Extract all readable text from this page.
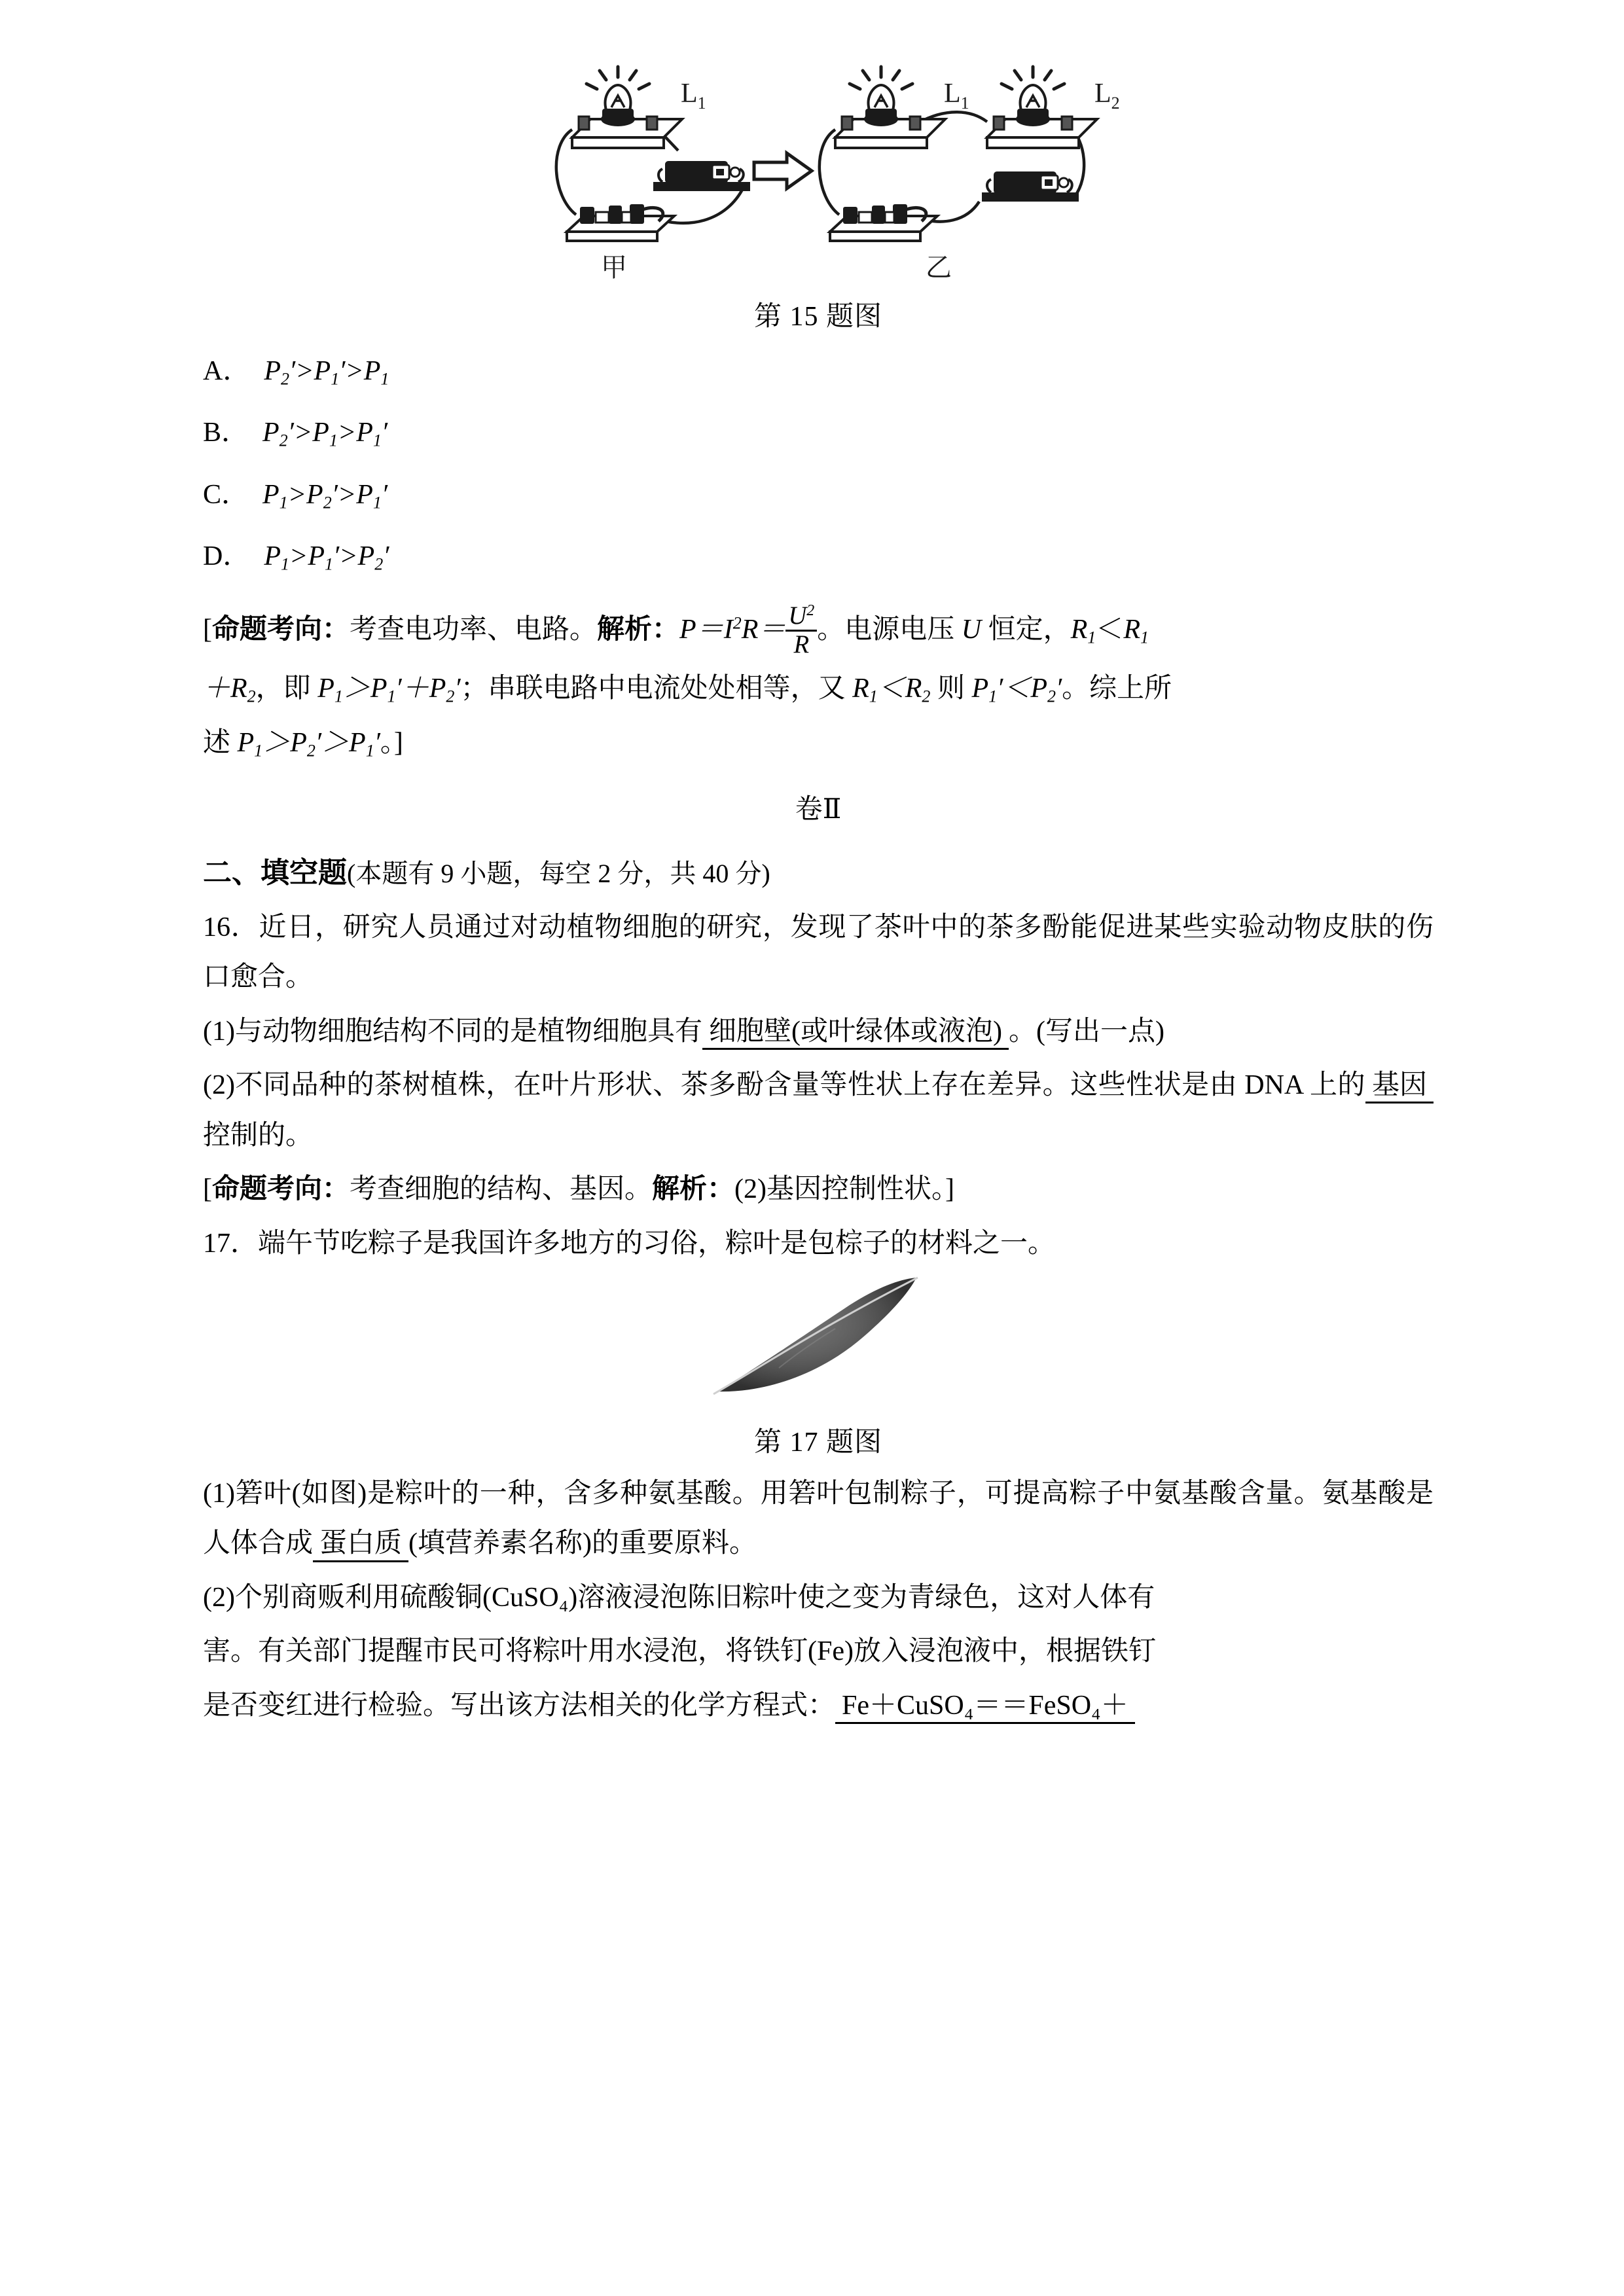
$L_1$
甲
$L_1$	$L_2$
乙
第 15 题图
A． $P_2'>P_1'>P_1$
B． $P_2'>P_1>P_1'$
C． $P_1>P_2'>P_1'$
D． $P_1>P_1'>P_2'$
[命题考向：考查电功率、电路。解析：$P=I^2R= \frac{U^2}{R}$ 。电源电压 U 恒定，$R_1<R_1$
$+R_2$，即 $P_1>P_1'+P_2'$；串联电路中电流处处相等，又 $R_1<R_2$ 则 $P_1'<P_2'$。综上所
述 $P_1>P_2'>P_1'$。]
卷Ⅱ
二、填空题(本题有 9 小题，每空 2 分，共 40 分)
16．近日，研究人员通过对动植物细胞的研究，发现了茶叶中的茶多酚能促进某些实验动物皮肤的伤口愈合。
(1)与动物细胞结构不同的是植物细胞具有 细胞壁(或叶绿体或液泡) 。(写出一点)
(2)不同品种的茶树植株，在叶片形状、茶多酚含量等性状上存在差异。这些性状是由 DNA 上的 基因控制的。
[命题考向：考查细胞的结构、基因。解析：(2)基因控制性状。]
17．端午节吃粽子是我国许多地方的习俗，粽叶是包棕子的材料之一。
第 17 题图
(1)箬叶(如图)是粽叶的一种，含多种氨基酸。用箬叶包制粽子，可提高粽子中氨基酸含量。氨基酸是人体合成 蛋白质 (填营养素名称)的重要原料。
(2)个别商贩利用硫酸铜(CuSO₄)溶液浸泡陈旧粽叶使之变为青绿色，这对人体有
害。有关部门提醒市民可将粽叶用水浸泡，将铁钉(Fe)放入浸泡液中，根据铁钉
是否变红进行检验。写出该方法相关的化学方程式： Fe＋CuSO₄＝＝FeSO₄＋
